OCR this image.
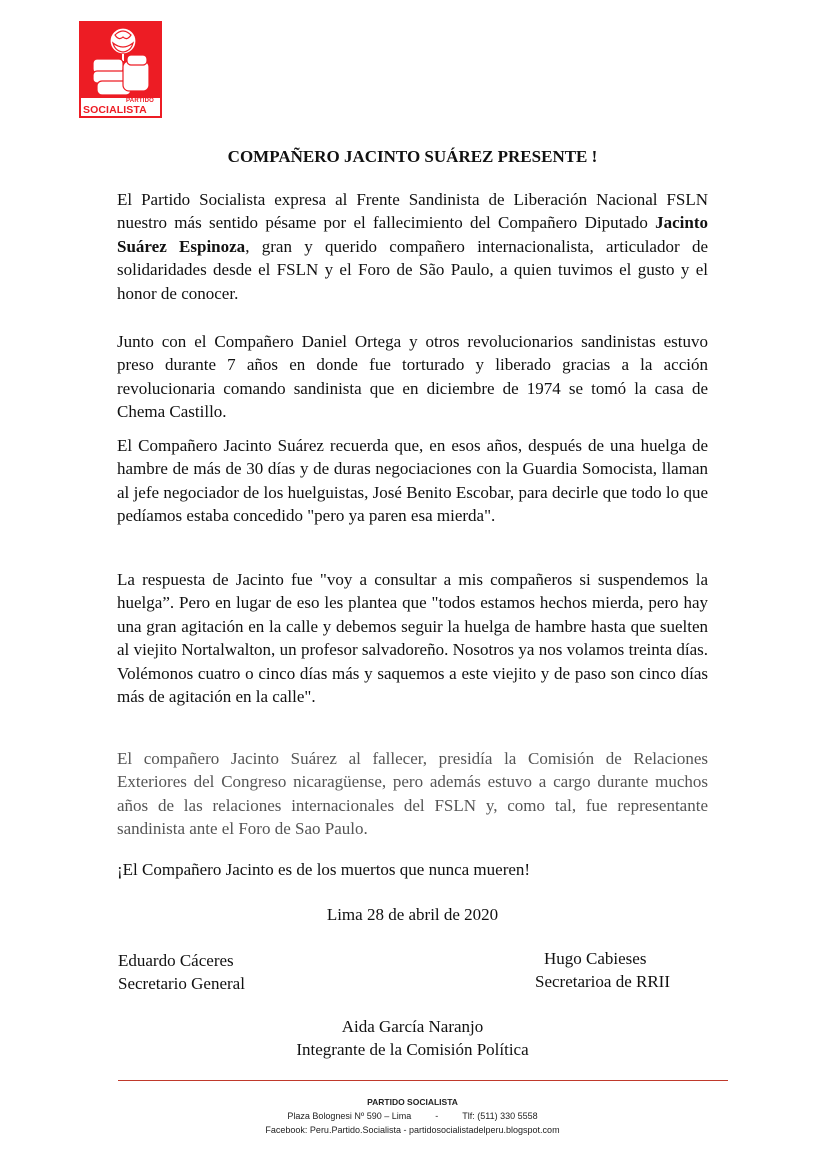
PARTIDO
SOCIALISTA
COMPAÑERO JACINTO SUÁREZ PRESENTE !
El Partido Socialista expresa al Frente Sandinista de Liberación Nacional FSLN nuestro más sentido pésame por el fallecimiento del Compañero Diputado Jacinto Suárez Espinoza, gran y querido compañero internacionalista, articulador de solidaridades desde el FSLN y el Foro de São Paulo, a quien tuvimos el gusto y el honor de conocer.
Junto con el Compañero Daniel Ortega y otros revolucionarios sandinistas estuvo preso durante 7 años en donde fue torturado y liberado gracias a la acción revolucionaria comando sandinista que en diciembre de 1974 se tomó la casa de Chema Castillo.
El Compañero Jacinto Suárez recuerda que, en esos años, después de una huelga de hambre de más de 30 días y de duras negociaciones con la Guardia Somocista, llaman al jefe negociador de los huelguistas, José Benito Escobar, para decirle que todo lo que pedíamos estaba concedido "pero ya paren esa mierda".
La respuesta de Jacinto fue "voy a consultar a mis compañeros si suspendemos la huelga”. Pero en lugar de eso les plantea que "todos estamos hechos mierda, pero hay una gran agitación en la calle y debemos seguir la huelga de hambre hasta que suelten al viejito Nortalwalton, un profesor salvadoreño. Nosotros ya nos volamos treinta días. Volémonos cuatro o cinco días más y saquemos a este viejito y de paso son cinco días más de agitación en la calle".
El compañero Jacinto Suárez al fallecer, presidía la Comisión de Relaciones Exteriores del Congreso nicaragüense, pero además estuvo a cargo durante muchos años de las relaciones internacionales del FSLN y, como tal, fue representante sandinista ante el Foro de Sao Paulo.
¡El Compañero Jacinto es de los muertos que nunca mueren!
Lima 28 de abril de 2020
Eduardo Cáceres
Secretario General
Hugo Cabieses
Secretarioa de RRII
Aida García Naranjo
Integrante de la Comisión Política
PARTIDO SOCIALISTA
Plaza Bolognesi Nº 590 – Lima	-	Tlf: (511) 330 5558
Facebook: Peru.Partido.Socialista - partidosocialistadelperu.blogspot.com
